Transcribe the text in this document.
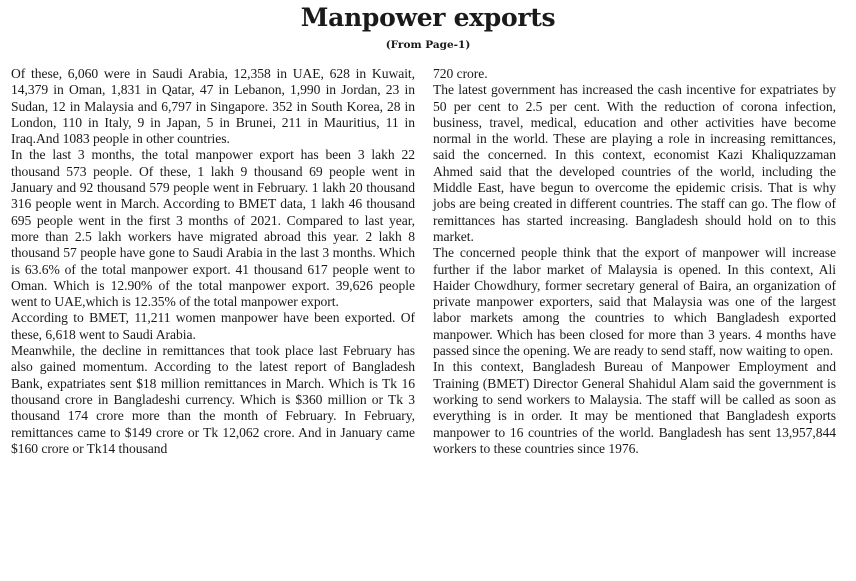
Manpower exports
(From Page-1)

Of these, 6,060 were in Saudi Arabia, 12,358 in UAE, 628 in Kuwait, 14,379 in Oman, 1,831 in Qatar, 47 in Lebanon, 1,990 in Jordan, 23 in Sudan, 12 in Malaysia and 6,797 in Singapore. 352 in South Korea, 28 in London, 110 in Italy, 9 in Japan, 5 in Brunei, 211 in Mauritius, 11 in Iraq.And 1083 people in other countries.

In the last 3 months, the total manpower export has been 3 lakh 22 thousand 573 people. Of these, 1 lakh 9 thousand 69 people went in January and 92 thousand 579 people went in February. 1 lakh 20 thousand 316 people went in March. According to BMET data, 1 lakh 46 thousand 695 people went in the first 3 months of 2021. Compared to last year, more than 2.5 lakh workers have migrated abroad this year. 2 lakh 8 thousand 57 people have gone to Saudi Arabia in the last 3 months. Which is 63.6% of the total manpower export. 41 thousand 617 people went to Oman. Which is 12.90% of the total manpower export. 39,626 people went to UAE,which is 12.35% of the total manpower export.

According to BMET, 11,211 women manpower have been exported. Of these, 6,618 went to Saudi Arabia.

Meanwhile, the decline in remittances that took place last February has also gained momentum. According to the latest report of Bangladesh Bank, expatriates sent $18 million remittances in March. Which is Tk 16 thousand crore in Bangladeshi currency. Which is $360 million or Tk 3 thousand 174 crore more than the month of February. In February, remittances came to $149 crore or Tk 12,062 crore. And in January came $160 crore or Tk14 thousand

720 crore.

The latest government has increased the cash incentive for expatriates by 50 per cent to 2.5 per cent. With the reduction of corona infection, business, travel, medical, education and other activities have become normal in the world. These are playing a role in increasing remittances, said the concerned. In this context, economist Kazi Khaliquzzaman Ahmed said that the developed countries of the world, including the Middle East, have begun to overcome the epidemic crisis. That is why jobs are being created in different countries. The staff can go. The flow of remittances has started increasing. Bangladesh should hold on to this market.

The concerned people think that the export of manpower will increase further if the labor market of Malaysia is opened. In this context, Ali Haider Chowdhury, former secretary general of Baira, an organization of private manpower exporters, said that Malaysia was one of the largest labor markets among the countries to which Bangladesh exported manpower. Which has been closed for more than 3 years. 4 months have passed since the opening. We are ready to send staff, now waiting to open.

In this context, Bangladesh Bureau of Manpower Employment and Training (BMET) Director General Shahidul Alam said the government is working to send workers to Malaysia. The staff will be called as soon as everything is in order. It may be mentioned that Bangladesh exports manpower to 16 countries of the world. Bangladesh has sent 13,957,844 workers to these countries since 1976.
